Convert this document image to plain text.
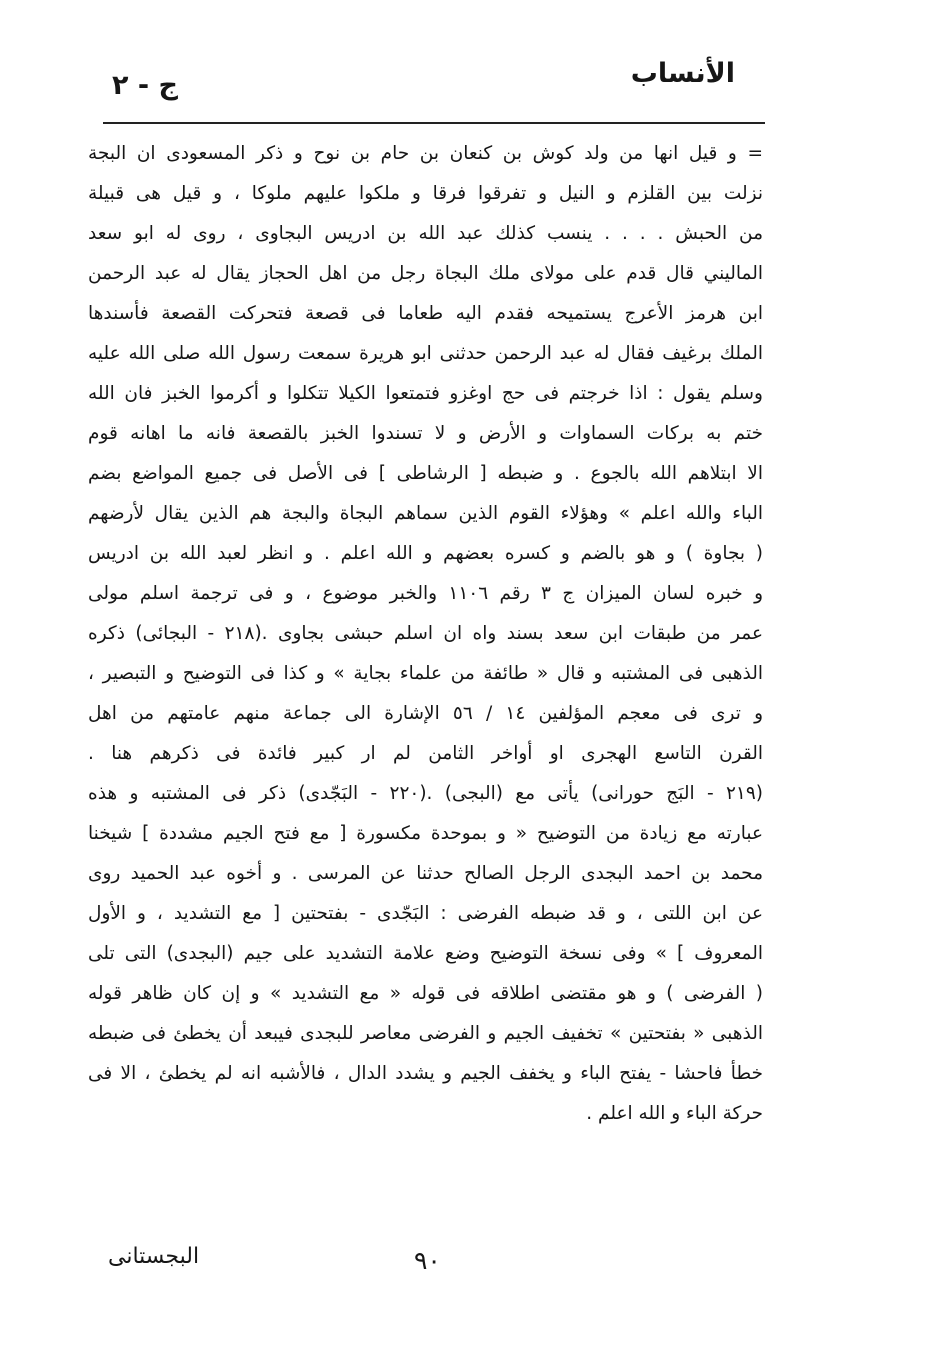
الأنساب
ج - ٢
= و قيل انها من ولد كوش بن كنعان بن حام بن نوح و ذكر المسعودى ان البجة
نزلت بين القلزم و النيل و تفرقوا فرقا و ملكوا عليهم ملوكا ، و قيل هى قبيلة
من الحبش . . . . ينسب كذلك عبد الله بن ادريس البجاوى ، روى له ابو سعد
الماليني قال قدم على مولاى ملك البجاة رجل من اهل الحجاز يقال له عبد الرحمن
ابن هرمز الأعرج يستميحه فقدم اليه طعاما فى قصعة فتحركت القصعة فأسندها
الملك برغيف فقال له عبد الرحمن حدثنى ابو هريرة سمعت رسول الله صلى الله عليه
وسلم يقول : اذا خرجتم فى حج اوغزو فتمتعوا الكيلا تتكلوا و أكرموا الخبز فان الله
ختم به بركات السماوات و الأرض و لا تسندوا الخبز بالقصعة فانه ما اهانه قوم
الا ابتلاهم الله بالجوع . و ضبطه [ الرشاطى ] فى الأصل فى جميع المواضع بضم
الباء والله اعلم » وهؤلاء القوم الذين سماهم البجاة والبجة هم الذين يقال لأرضهم
( بجاوة ) و هو بالضم و كسره بعضهم و الله اعلم . و انظر لعبد الله بن ادريس
و خبره لسان الميزان ج ٣ رقم ١١٠٦ والخبر موضوع ، و فى ترجمة اسلم مولى
عمر من طبقات ابن سعد بسند واه ان اسلم حبشى بجاوى .(٢١٨ - البجائى) ذكره
الذهبى فى المشتبه و قال « طائفة من علماء بجاية » و كذا فى التوضيح و التبصير ،
و ترى فى معجم المؤلفين ١٤ / ٥٦ الإشارة الى جماعة منهم عامتهم من اهل
القرن التاسع الهجرى او أواخر الثامن لم ار كبير فائدة فى ذكرهم هنا .
(٢١٩ - البَج حورانى) يأتى مع (البجى) .(٢٢٠ - البَجّدى) ذكر فى المشتبه و هذه
عبارته مع زيادة من التوضيح « و بموحدة مكسورة [ مع فتح الجيم مشددة ] شيخنا
محمد بن احمد البجدى الرجل الصالح حدثنا عن المرسى . و أخوه عبد الحميد روى
عن ابن اللتى ، و قد ضبطه الفرضى : البَجّدى - بفتحتين [ مع التشديد ، و الأول
المعروف ] » وفى نسخة التوضيح وضع علامة التشديد على جيم (البجدى) التى تلى
( الفرضى ) و هو مقتضى اطلاقه فى قوله « مع التشديد » و إن كان ظاهر قوله
الذهبى « بفتحتين » تخفيف الجيم و الفرضى معاصر للبجدى فيبعد أن يخطئ فى ضبطه
خطأ فاحشا - يفتح الباء و يخفف الجيم و يشدد الدال ، فالأشبه انه لم يخطئ ، الا فى
حركة الباء و الله اعلم .
٩٠
البجستانى
